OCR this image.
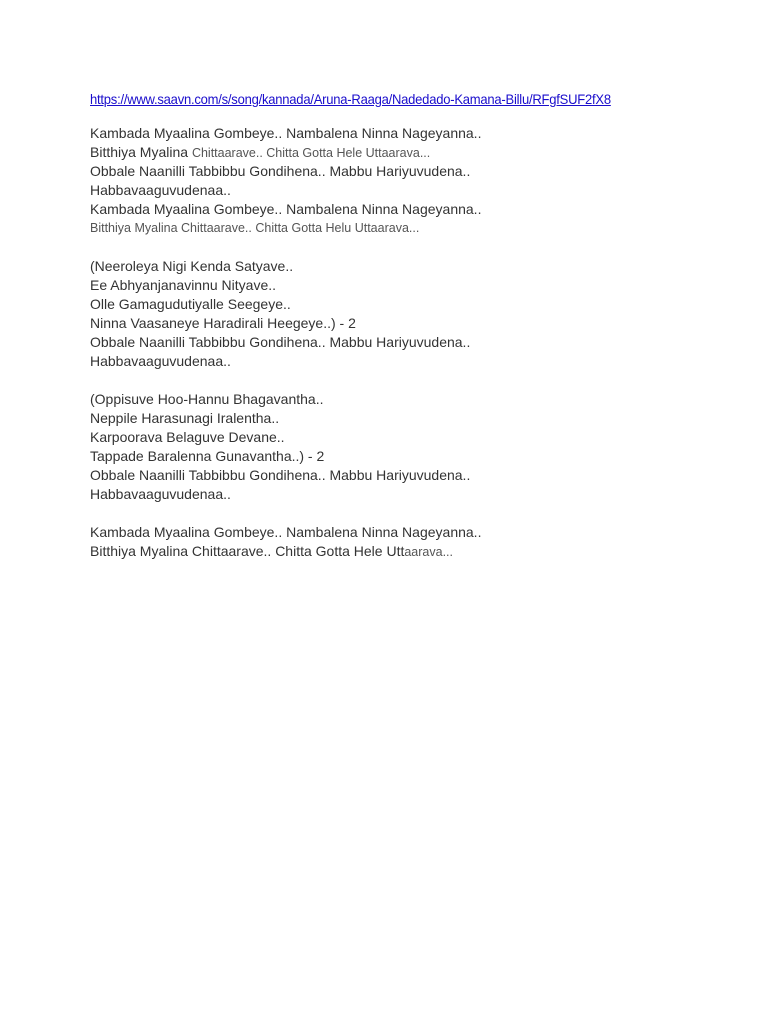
https://www.saavn.com/s/song/kannada/Aruna-Raaga/Nadedado-Kamana-Billu/RFgfSUF2fX8
Kambada Myaalina Gombeye.. Nambalena Ninna Nageyanna..
Bitthiya Myalina Chittaarave.. Chitta Gotta Hele Uttaarava...
Obbale Naanilli Tabbibbu Gondihena.. Mabbu Hariyuvudena..
Habbavaaguvudenaa..
Kambada Myaalina Gombeye.. Nambalena Ninna Nageyanna..
Bitthiya Myalina Chittaarave.. Chitta Gotta Helu Uttaarava...
(Neeroleya Nigi Kenda Satyave..
Ee Abhyanjanavinnu Nityave..
Olle Gamagudutiyalle Seegeye..
Ninna Vaasaneye Haradirali Heegeye..) - 2
Obbale Naanilli Tabbibbu Gondihena.. Mabbu Hariyuvudena..
Habbavaaguvudenaa..
(Oppisuve Hoo-Hannu Bhagavantha..
Neppile Harasunagi Iralentha..
Karpoorava Belaguve Devane..
Tappade Baralenna Gunavantha..) - 2
Obbale Naanilli Tabbibbu Gondihena.. Mabbu Hariyuvudena..
Habbavaaguvudenaa..
Kambada Myaalina Gombeye.. Nambalena Ninna Nageyanna..
Bitthiya Myalina Chittaarave.. Chitta Gotta Hele Uttaarava...
